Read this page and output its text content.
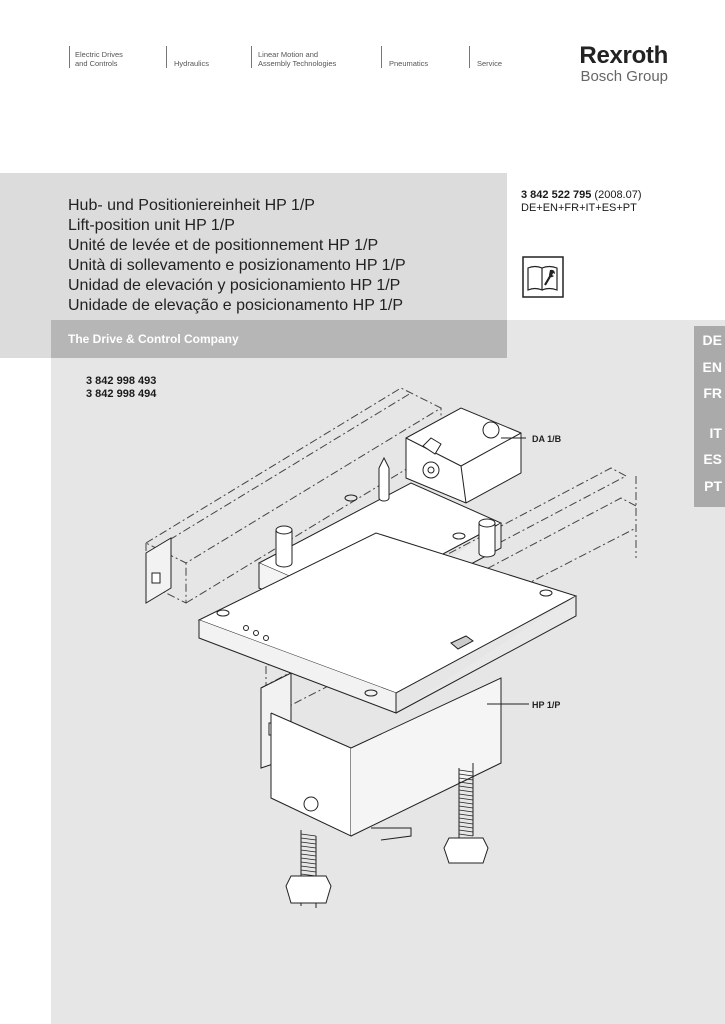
Electric Drives
and Controls	Hydraulics
Linear Motion and
Assembly Technologies	Pneumatics	Service	Rexroth
Bosch Group
Hub- und Positioniereinheit HP 1/P
Lift-position unit HP 1/P
Unité de levée et de positionnement HP 1/P
Unità di sollevamento e posizionamento HP 1/P
Unidad de elevación y posicionamiento HP 1/P
Unidade de elevação e posicionamento HP 1/P
The Drive & Control Company
3 842 522 795 (2008.07)
DE+EN+FR+IT+ES+PT
DE
EN
FR
IT
ES
PT
3 842 998 493
3 842 998 494
DA 1/B
HP 1/P
